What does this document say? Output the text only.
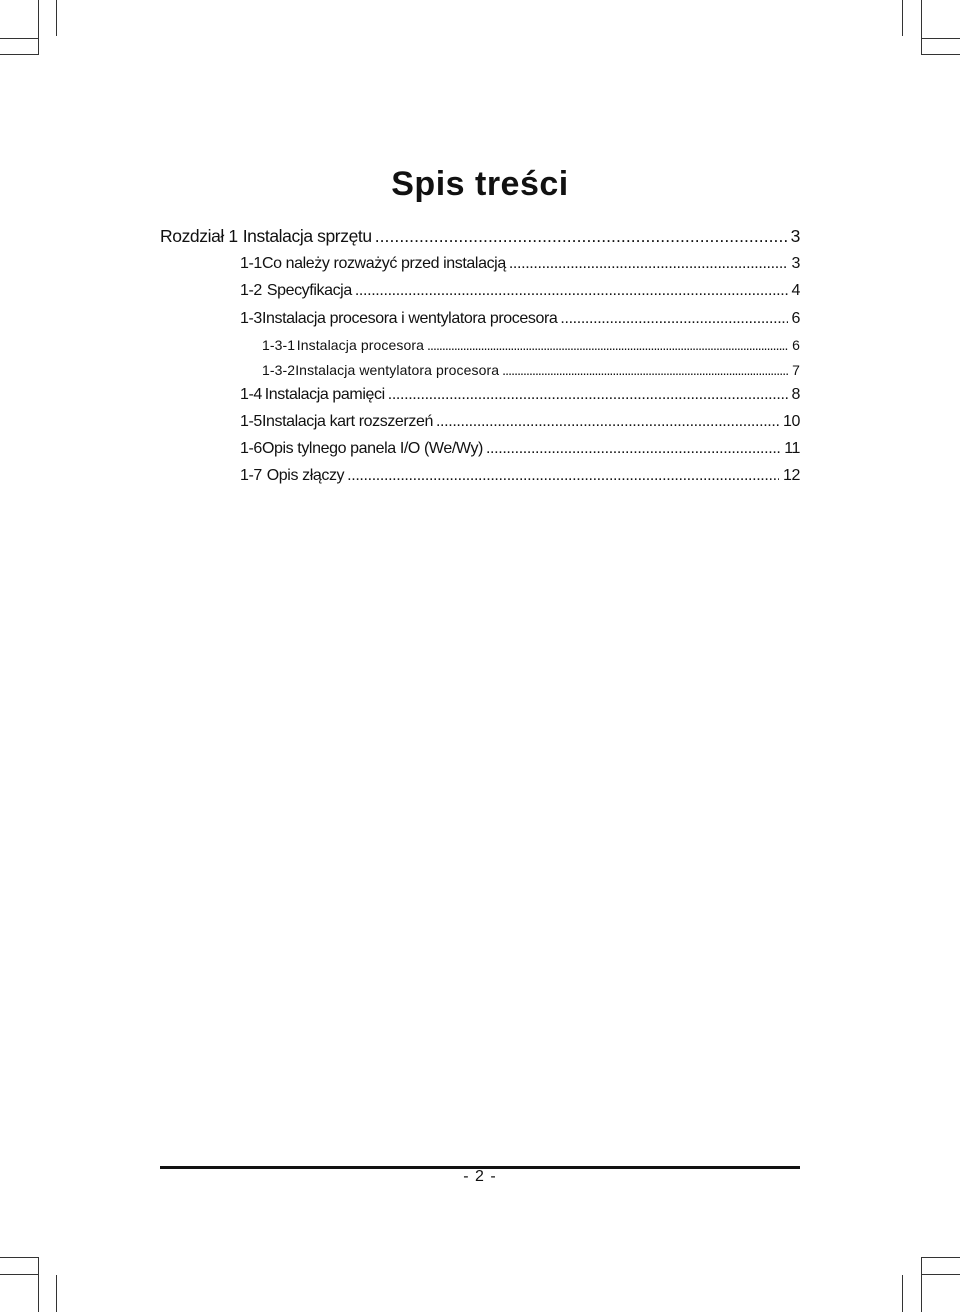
Spis treści
Rozdział 1 Instalacja sprzętu . . .	3
1-1 Co należy rozważyć przed instalacją . . .	3
1-2 Specyfikacja . . .	4
1-3 Instalacja procesora i wentylatora procesora . . .	6
1-3-1 Instalacja procesora . . .	6
1-3-2 Instalacja wentylatora procesora . . .	7
1-4 Instalacja pamięci . . .	8
1-5 Instalacja kart rozszerzeń . . .	10
1-6 Opis tylnego panela I/O (We/Wy) . . .	11
1-7 Opis złączy . . .	12
- 2 -
